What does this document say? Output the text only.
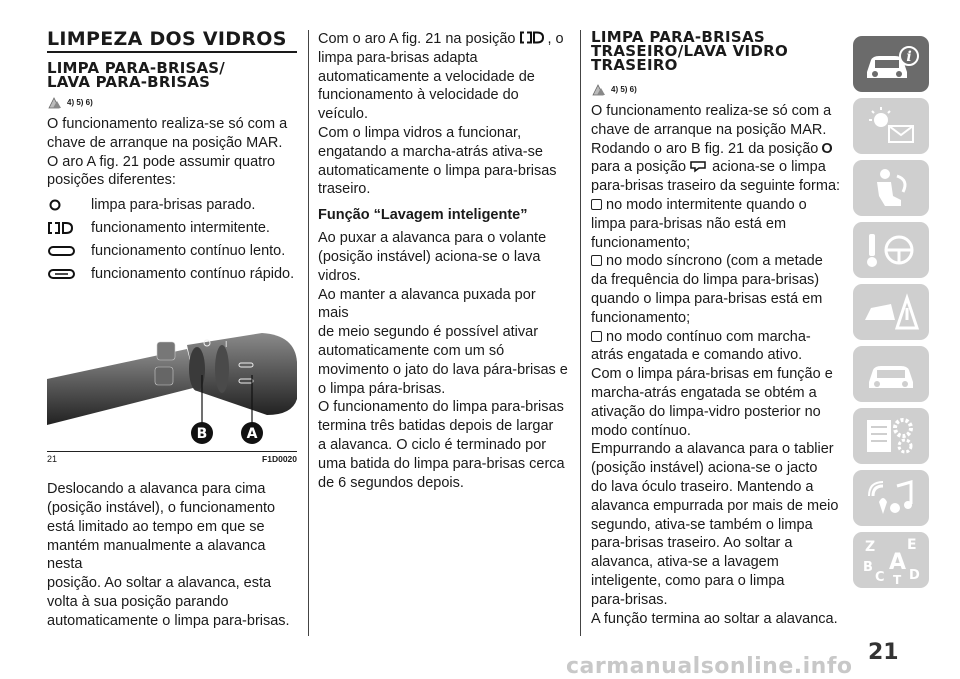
LIMPEZA DOS VIDROS
LIMPA PARA-BRISAS/
LAVA PARA-BRISAS
4) 5) 6)

O funcionamento realiza-se só com a

chave de arranque na posição MAR.

O aro A fig. 21 pode assumir quatro

posições diferentes:

limpa para-brisas parado.
funcionamento intermitente.
funcionamento contínuo lento.
funcionamento contínuo rápido.
I
B	A
21	F1D0020

Deslocando a alavanca para cima

(posição instável), o funcionamento

está limitado ao tempo em que se

mantém manualmente a alavanca nesta

posição. Ao soltar a alavanca, esta

volta à sua posição parando

automaticamente o limpa para-brisas.

Com o aro A fig. 21 na posição , o

limpa para-brisas adapta

automaticamente a velocidade de

funcionamento à velocidade do veículo.

Com o limpa vidros a funcionar,

engatando a marcha-atrás ativa-se

automaticamente o limpa para-brisas

traseiro.

Função “Lavagem inteligente”

Ao puxar a alavanca para o volante

(posição instável) aciona-se o lava

vidros.

Ao manter a alavanca puxada por mais

de meio segundo é possível ativar

automaticamente com um só

movimento o jato do lava pára-brisas e

o limpa pára-brisas.

O funcionamento do limpa para-brisas

termina três batidas depois de largar

a alavanca. O ciclo é terminado por

uma batida do limpa para-brisas cerca

de 6 segundos depois.

LIMPA PARA-BRISAS
TRASEIRO/LAVA VIDRO
TRASEIRO
4) 5) 6)

O funcionamento realiza-se só com a

chave de arranque na posição MAR.

Rodando o aro B fig. 21 da posição O

para a posição aciona-se o limpa

para-brisas traseiro da seguinte forma:

no modo intermitente quando o

limpa para-brisas não está em

funcionamento;

no modo síncrono (com a metade

da frequência do limpa para-brisas)

quando o limpa para-brisas está em

funcionamento;

no modo contínuo com marcha-

atrás engatada e comando ativo.

Com o limpa pára-brisas em função e

marcha-atrás engatada se obtém a

ativação do limpa-vidro posterior no

modo contínuo.

Empurrando a alavanca para o tablier

(posição instável) aciona-se o jacto

do lava óculo traseiro. Mantendo a

alavanca empurrada por mais de meio

segundo, ativa-se também o limpa

para-brisas traseiro. Ao soltar a

alavanca, ativa-se a lavagem

inteligente, como para o limpa

para-brisas.

A função termina ao soltar a alavanca.

i
Z E
B A
C T D
21
carmanualsonline.info
